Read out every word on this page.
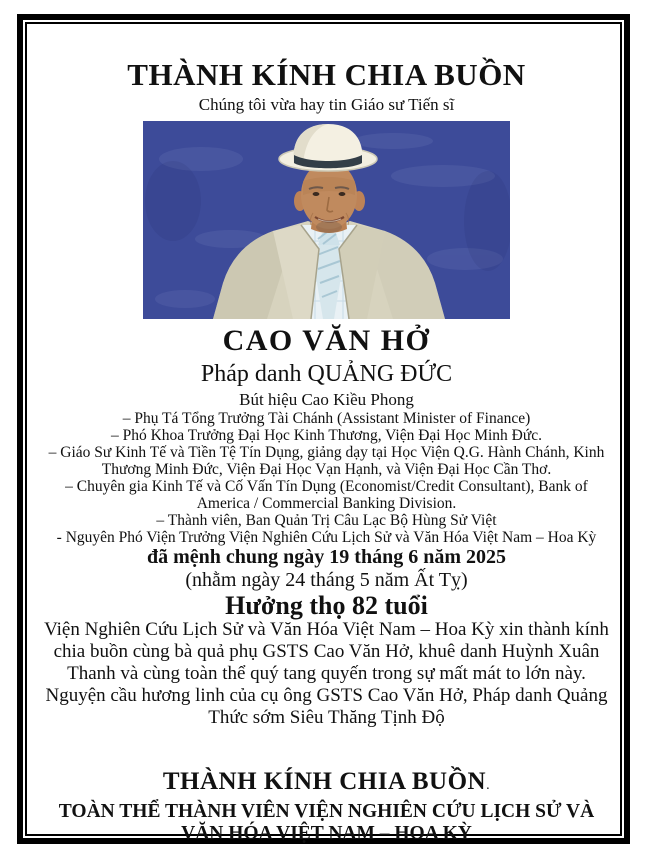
THÀNH KÍNH CHIA BUỒN
Chúng tôi vừa hay tin Giáo sư Tiến sĩ
CAO VĂN HỞ
Pháp danh QUẢNG ĐỨC
Bút hiệu Cao Kiều Phong
– Phụ Tá Tổng Trưởng Tài Chánh (Assistant Minister of Finance)
– Phó Khoa Trưởng Đại Học Kinh Thương, Viện Đại Học Minh Đức.
– Giáo Sư Kinh Tế và Tiền Tệ Tín Dụng, giảng dạy tại Học Viện Q.G. Hành Chánh, Kinh Thương Minh Đức, Viện Đại Học Vạn Hạnh, và Viện Đại Học Cần Thơ.
– Chuyên gia Kinh Tế và Cố Vấn Tín Dụng (Economist/Credit Consultant), Bank of America / Commercial Banking Division.
– Thành viên, Ban Quản Trị Câu Lạc Bộ Hùng Sử Việt
- Nguyên Phó Viện Trưởng Viện Nghiên Cứu Lịch Sử và Văn Hóa Việt Nam – Hoa Kỳ
đã mệnh chung ngày 19 tháng 6 năm 2025
(nhằm ngày 24 tháng 5 năm Ất Tỵ)
Hưởng thọ 82 tuổi
Viện Nghiên Cứu Lịch Sử và Văn Hóa Việt Nam – Hoa Kỳ xin thành kính chia buồn cùng bà quả phụ GSTS Cao Văn Hở, khuê danh Huỳnh Xuân Thanh và cùng toàn thể quý tang quyến trong sự mất mát to lớn này.
Nguyện cầu hương linh của cụ ông GSTS Cao Văn Hở, Pháp danh Quảng Thức sớm Siêu Thăng Tịnh Độ
THÀNH KÍNH CHIA BUỒN.
TOÀN THỂ THÀNH VIÊN VIỆN NGHIÊN CỨU LỊCH SỬ VÀ VĂN HÓA VIỆT NAM – HOA KỲ
